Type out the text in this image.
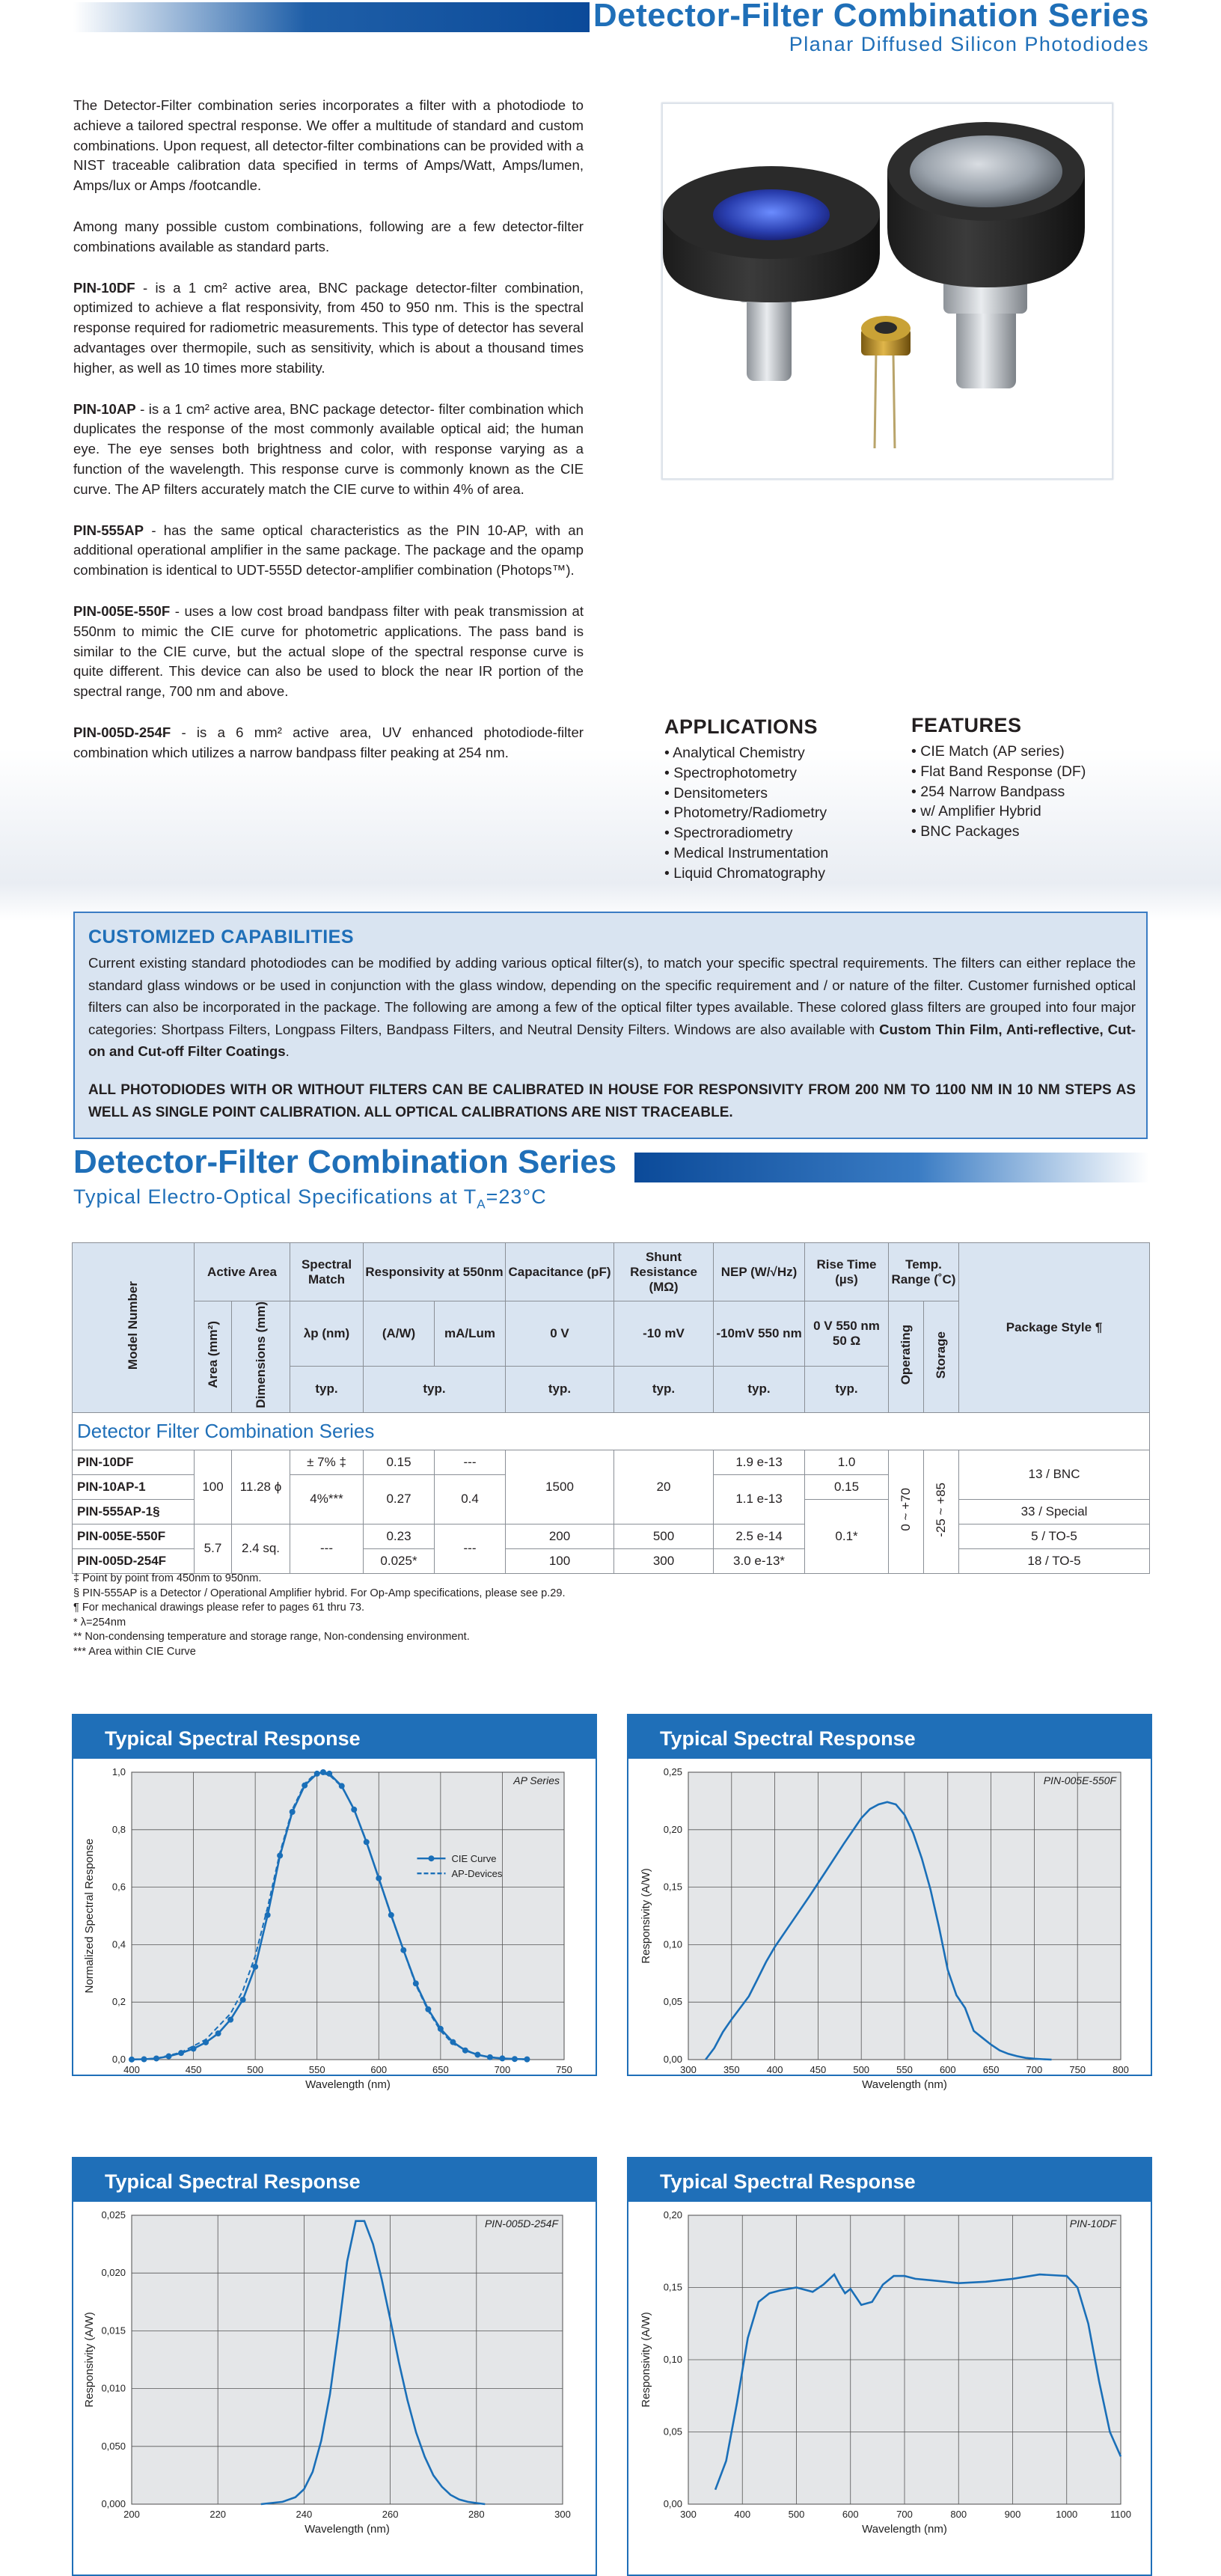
Detector-Filter Combination Series
Planar Diffused Silicon Photodiodes

The Detector-Filter combination series incorporates a filter with a photodiode to achieve a tailored spectral response. We offer a multitude of standard and custom combinations. Upon request, all detector-filter combinations can be provided with a NIST traceable calibration data specified in terms of Amps/Watt, Amps/lumen, Amps/lux or Amps /footcandle.

Among many possible custom combinations, following are a few detector-filter combinations available as standard parts.

PIN-10DF - is a 1 cm² active area, BNC package detector-filter combination, optimized to achieve a flat responsivity, from 450 to 950 nm. This is the spectral response required for radiometric measurements. This type of detector has several advantages over thermopile, such as sensitivity, which is about a thousand times higher, as well as 10 times more stability.

PIN-10AP - is a 1 cm² active area, BNC package detector- filter combination which duplicates the response of the most commonly available optical aid; the human eye. The eye senses both brightness and color, with response varying as a function of the wavelength. This response curve is commonly known as the CIE curve. The AP filters accurately match the CIE curve to within 4% of area.

PIN-555AP - has the same optical characteristics as the PIN 10-AP, with an additional operational amplifier in the same package. The package and the opamp combination is identical to UDT-555D detector-amplifier combination (Photops™).

PIN-005E-550F - uses a low cost broad bandpass filter with peak transmission at 550nm to mimic the CIE curve for photometric applications. The pass band is similar to the CIE curve, but the actual slope of the spectral response curve is quite different. This device can also be used to block the near IR portion of the spectral range, 700 nm and above.

PIN-005D-254F - is a 6 mm² active area, UV enhanced photodiode-filter combination which utilizes a narrow bandpass filter peaking at 254 nm.

APPLICATIONS
• Analytical Chemistry
• Spectrophotometry
• Densitometers
• Photometry/Radiometry
• Spectroradiometry
• Medical Instrumentation
• Liquid Chromatography
FEATURES
• CIE Match (AP series)
• Flat Band Response (DF)
• 254 Narrow Bandpass
• w/ Amplifier Hybrid
• BNC Packages
CUSTOMIZED CAPABILITIES
Current existing standard photodiodes can be modified by adding various optical filter(s), to match your specific spectral requirements. The filters can either replace the standard glass windows or be used in conjunction with the glass window, depending on the specific requirement and / or nature of the filter. Customer furnished optical filters can also be incorporated in the package. The following are among a few of the optical filter types available. These colored glass filters are grouped into four major categories: Shortpass Filters, Longpass Filters, Bandpass Filters, and Neutral Density Filters. Windows are also available with Custom Thin Film, Anti-reflective, Cut-on and Cut-off Filter Coatings.
ALL PHOTODIODES WITH OR WITHOUT FILTERS CAN BE CALIBRATED IN HOUSE FOR RESPONSIVITY FROM 200 NM TO 1100 NM IN 10 NM STEPS AS WELL AS SINGLE POINT CALIBRATION. ALL OPTICAL CALIBRATIONS ARE NIST TRACEABLE.
Detector-Filter Combination Series
Typical Electro-Optical Specifications at $T_A=23^\circ C$
Model Number	Active Area		Spectral Match	Responsivity at 550nm		Capacitance (pF)	Shunt Resistance (MΩ)	NEP (W/√Hz)	Rise Time (µs)	Temp. Range (˚C)		Package Style ¶
	Area (mm²)	Dimensions (mm)	λp (nm)	(A/W)	mA/Lum	0 V	-10 mV	-10mV 550 nm	0 V 550 nm 50 Ω	Operating	Storage	
			typ.	typ.		typ.	typ.	typ.	typ.			
Detector Filter Combination Series												
PIN-10DF	100	11.28 ϕ	± 7% ‡	0.15	---	1500	20	1.9 e-13	1.0	0 ~ +70	-25 ~ +85	13 / BNC
PIN-10AP-1			4%***	0.27	0.4			1.1 e-13	0.15			
PIN-555AP-1§									0.1*			33 / Special
PIN-005E-550F	5.7	2.4 sq.	---	0.23	---	200	500	2.5 e-14				5 / TO-5
PIN-005D-254F				0.025*		100	300	3.0 e-13*				18 / TO-5
‡ Point by point from 450nm to 950nm.
§ PIN-555AP is a Detector / Operational Amplifier hybrid. For Op-Amp specifications, please see p.29.
¶ For mechanical drawings please refer to pages 61 thru 73.
* λ=254nm
** Non-condensing temperature and storage range, Non-condensing environment.
*** Area within CIE Curve
Typical Spectral Response
400	450	500	550	600	650	700	750
0,0
0,2
0,4
0,6
0,8
1,0
AP Series
Wavelength (nm)
Normalized Spectral Response	CIE Curve
AP-Devices
Typical Spectral Response
300	350	400	450	500	550	600	650	700	750	800
0,00
0,05
0,10
0,15
0,20
0,25
PIN-005E-550F
Wavelength (nm)
Responsivity (A/W)
Typical Spectral Response
200	220	240	260	280	300
0,000
0,050
0,010
0,015
0,020
0,025
PIN-005D-254F
Wavelength (nm)
Responsivity (A/W)
Typical Spectral Response
300	400	500	600	700	800	900	1000	1100
0,00
0,05
0,10
0,15
0,20
PIN-10DF
Wavelength (nm)
Responsivity (A/W)
